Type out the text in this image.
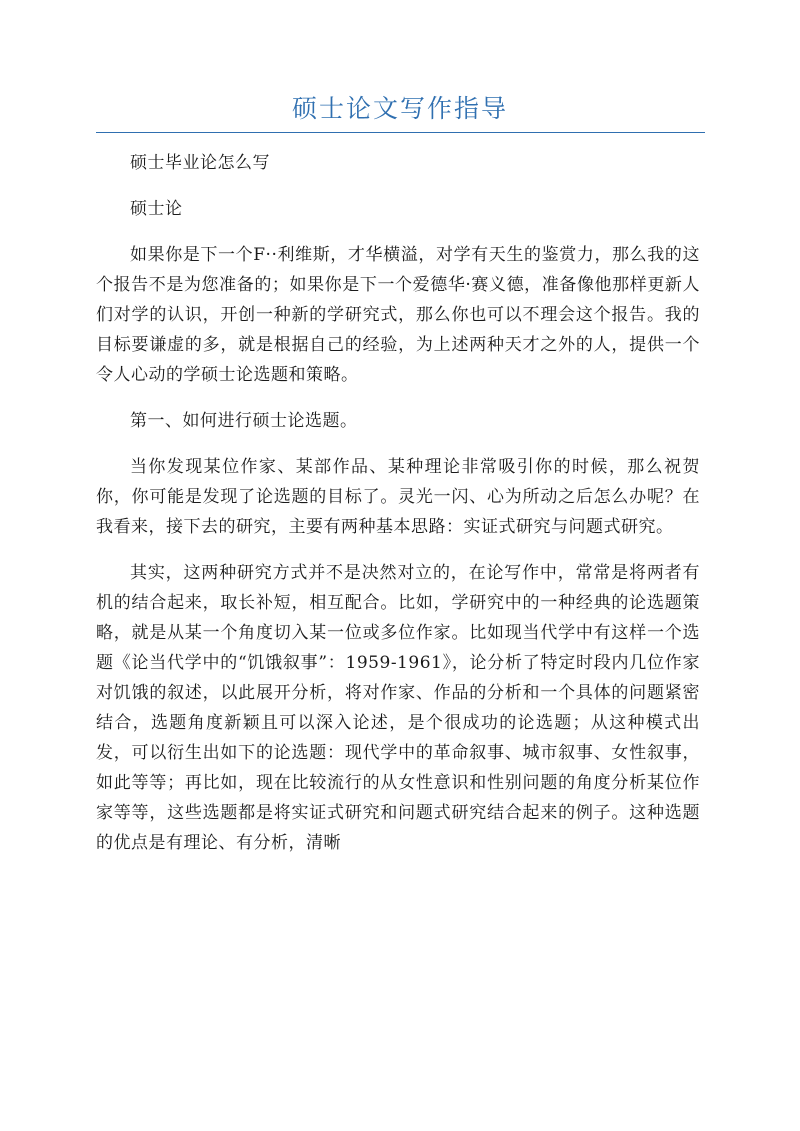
硕士论文写作指导

硕士毕业论怎么写

硕士论

如果你是下一个F··利维斯，才华横溢，对学有天生的鉴赏力，那么我的这个报告不是为您准备的；如果你是下一个爱德华·赛义德，准备像他那样更新人们对学的认识，开创一种新的学研究式，那么你也可以不理会这个报告。我的目标要谦虚的多，就是根据自己的经验，为上述两种天才之外的人，提供一个令人心动的学硕士论选题和策略。

第一、如何进行硕士论选题。

当你发现某位作家、某部作品、某种理论非常吸引你的时候，那么祝贺你，你可能是发现了论选题的目标了。灵光一闪、心为所动之后怎么办呢？在我看来，接下去的研究，主要有两种基本思路：实证式研究与问题式研究。

其实，这两种研究方式并不是决然对立的，在论写作中，常常是将两者有机的结合起来，取长补短，相互配合。比如，学研究中的一种经典的论选题策略，就是从某一个角度切入某一位或多位作家。比如现当代学中有这样一个选题《论当代学中的“饥饿叙事”：1959-1961》，论分析了特定时段内几位作家对饥饿的叙述，以此展开分析，将对作家、作品的分析和一个具体的问题紧密结合，选题角度新颖且可以深入论述，是个很成功的论选题；从这种模式出发，可以衍生出如下的论选题：现代学中的革命叙事、城市叙事、女性叙事，如此等等；再比如，现在比较流行的从女性意识和性别问题的角度分析某位作家等等，这些选题都是将实证式研究和问题式研究结合起来的例子。这种选题的优点是有理论、有分析，清晰
